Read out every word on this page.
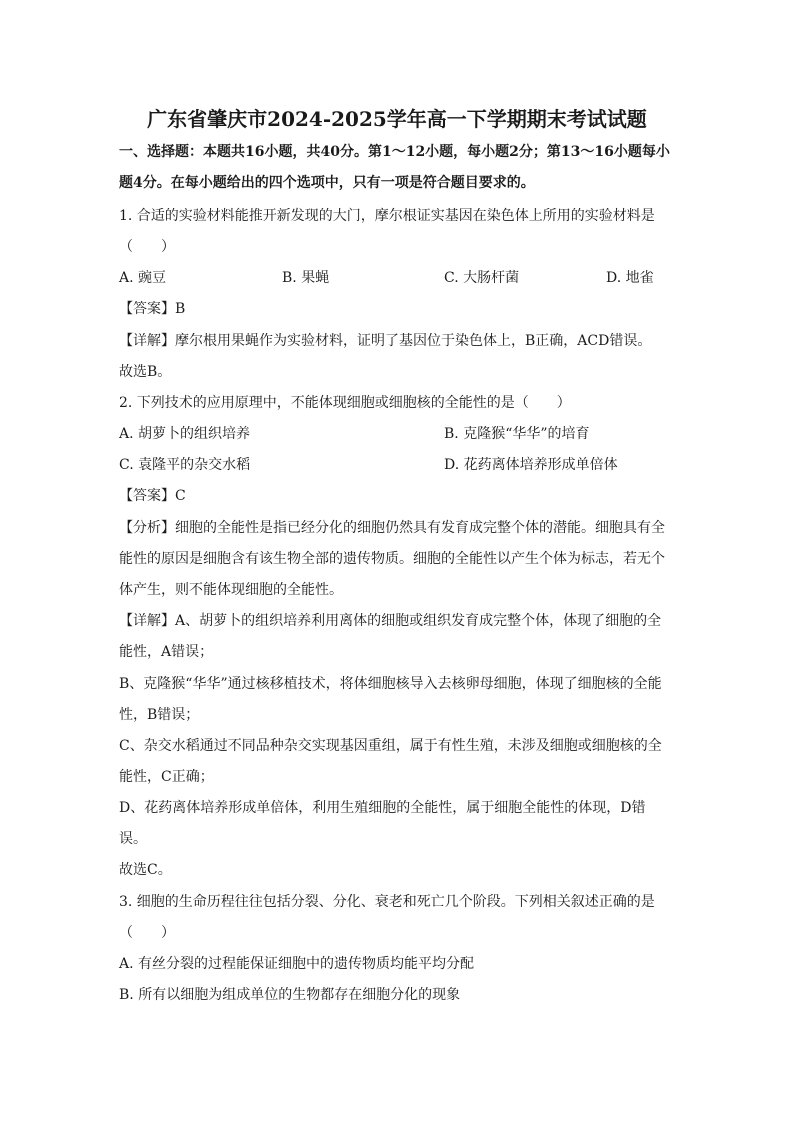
广东省肇庆市2024-2025学年高一下学期期末考试试题
一、选择题：本题共16小题，共40分。第1～12小题，每小题2分；第13～16小题每小
题4分。在每小题给出的四个选项中，只有一项是符合题目要求的。
1. 合适的实验材料能推开新发现的大门，摩尔根证实基因在染色体上所用的实验材料是
（　　）
A. 豌豆	B. 果蝇	C. 大肠杆菌	D. 地雀
【答案】B
【详解】摩尔根用果蝇作为实验材料，证明了基因位于染色体上，B正确，ACD错误。
故选B。
2. 下列技术的应用原理中，不能体现细胞或细胞核的全能性的是（　　）
A. 胡萝卜的组织培养	B. 克隆猴“华华”的培育
C. 袁隆平的杂交水稻	D. 花药离体培养形成单倍体
【答案】C
【分析】细胞的全能性是指已经分化的细胞仍然具有发育成完整个体的潜能。细胞具有全
能性的原因是细胞含有该生物全部的遗传物质。细胞的全能性以产生个体为标志，若无个
体产生，则不能体现细胞的全能性。
【详解】A、胡萝卜的组织培养利用离体的细胞或组织发育成完整个体，体现了细胞的全
能性，A错误；
B、克隆猴“华华”通过核移植技术，将体细胞核导入去核卵母细胞，体现了细胞核的全能
性，B错误；
C、杂交水稻通过不同品种杂交实现基因重组，属于有性生殖，未涉及细胞或细胞核的全
能性，C正确；
D、花药离体培养形成单倍体，利用生殖细胞的全能性，属于细胞全能性的体现，D错
误。
故选C。
3. 细胞的生命历程往往包括分裂、分化、衰老和死亡几个阶段。下列相关叙述正确的是
（　　）
A. 有丝分裂的过程能保证细胞中的遗传物质均能平均分配
B. 所有以细胞为组成单位的生物都存在细胞分化的现象
